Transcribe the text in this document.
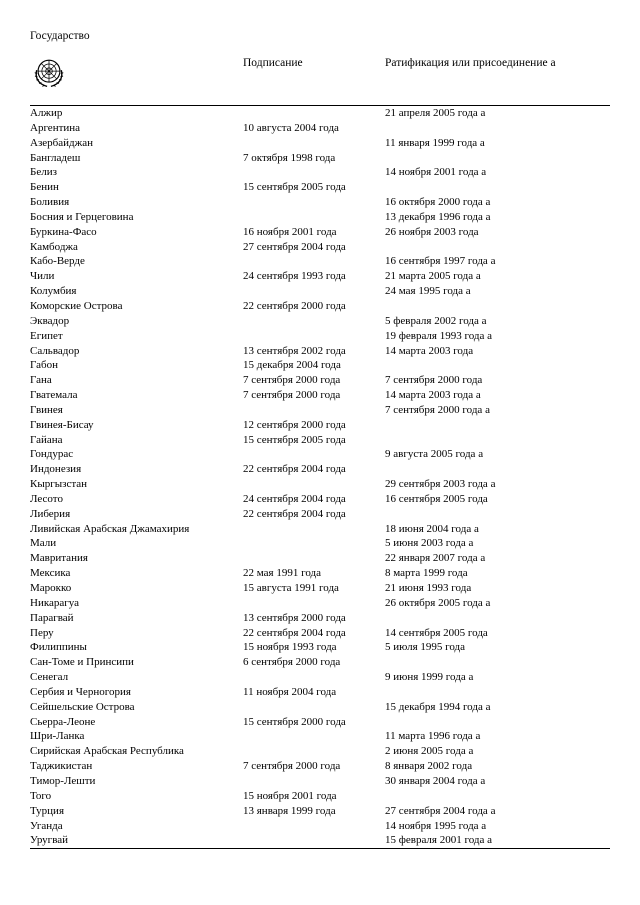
Государство
	Подписание	Ратификация или присоединение a
Алжир		21 апреля 2005 года a
Аргентина	10 августа 2004 года	
Азербайджан		11 января 1999 года a
Бангладеш	7 октября 1998 года	
Белиз		14 ноября 2001 года a
Бенин	15 сентября 2005 года	
Боливия		16 октября 2000 года a
Босния и Герцеговина		13 декабря 1996 года a
Буркина-Фасо	16 ноября 2001 года	26 ноября 2003 года
Камбоджа	27 сентября 2004 года	
Кабо-Верде		16 сентября 1997 года a
Чили	24 сентября 1993 года	21 марта 2005 года a
Колумбия		24 мая 1995 года a
Коморские Острова	22 сентября 2000 года	
Эквадор		5 февраля 2002 года a
Египет		19 февраля 1993 года a
Сальвадор	13 сентября 2002 года	14 марта 2003 года
Габон	15 декабря 2004 года	
Гана	7 сентября 2000 года	7 сентября 2000 года
Гватемала	7 сентября 2000 года	14 марта 2003 года a
Гвинея		7 сентября 2000 года a
Гвинея-Бисау	12 сентября 2000 года	
Гайана	15 сентября 2005 года	
Гондурас		9 августа 2005 года a
Индонезия	22 сентября 2004 года	
Кыргызстан		29 сентября 2003 года a
Лесото	24 сентября 2004 года	16 сентября 2005 года
Либерия	22 сентября 2004 года	
Ливийская Арабская Джамахирия		18 июня 2004 года a
Мали		5 июня 2003 года a
Мавритания		22 января 2007 года a
Мексика	22 мая 1991 года	8 марта 1999 года
Марокко	15 августа 1991 года	21 июня 1993 года
Никарагуа		26 октября 2005 года a
Парагвай	13 сентября 2000 года	
Перу	22 сентября 2004 года	14 сентября 2005 года
Филиппины	15 ноября 1993 года	5 июля 1995 года
Сан-Томе и Принсипи	6 сентября 2000 года	
Сенегал		9 июня 1999 года a
Сербия и Черногория	11 ноября 2004 года	
Сейшельские Острова		15 декабря 1994 года a
Сьерра-Леоне	15 сентября 2000 года	
Шри-Ланка		11 марта 1996 года a
Сирийская Арабская Республика		2 июня 2005 года a
Таджикистан	7 сентября 2000 года	8 января 2002 года
Тимор-Лешти		30 января 2004 года a
Того	15 ноября 2001 года	
Турция	13 января 1999 года	27 сентября 2004 года a
Уганда		14 ноября 1995 года a
Уругвай		15 февраля 2001 года a
